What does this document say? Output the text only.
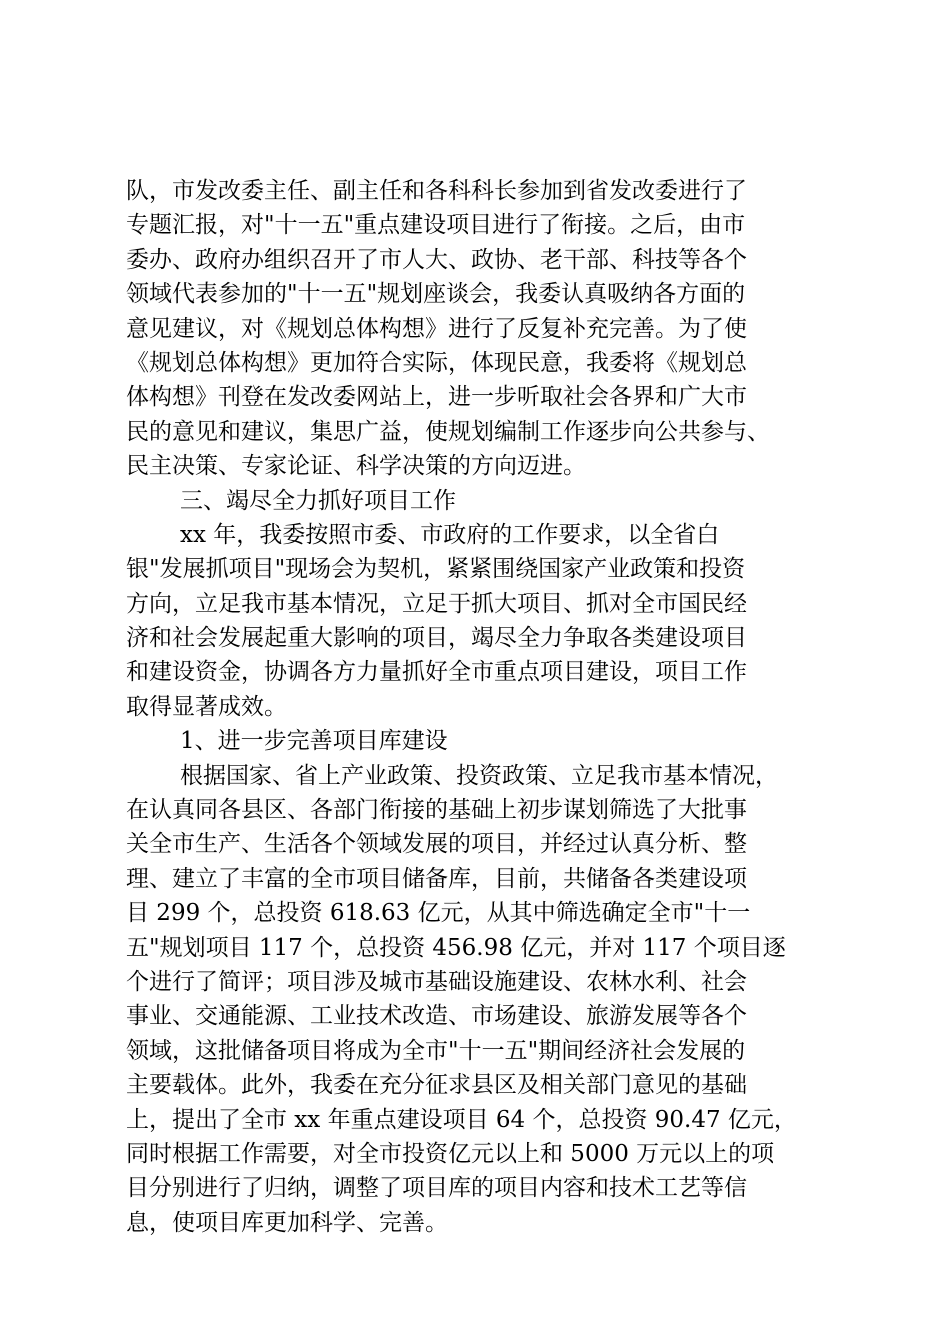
队，市发改委主任、副主任和各科科长参加到省发改委进行了
专题汇报，对"十一五"重点建设项目进行了衔接。之后，由市
委办、政府办组织召开了市人大、政协、老干部、科技等各个
领域代表参加的"十一五"规划座谈会，我委认真吸纳各方面的
意见建议，对《规划总体构想》进行了反复补充完善。为了使
《规划总体构想》更加符合实际，体现民意，我委将《规划总
体构想》刊登在发改委网站上，进一步听取社会各界和广大市
民的意见和建议，集思广益，使规划编制工作逐步向公共参与、
民主决策、专家论证、科学决策的方向迈进。
三、竭尽全力抓好项目工作
xx 年，我委按照市委、市政府的工作要求，以全省白
银"发展抓项目"现场会为契机，紧紧围绕国家产业政策和投资
方向，立足我市基本情况，立足于抓大项目、抓对全市国民经
济和社会发展起重大影响的项目，竭尽全力争取各类建设项目
和建设资金，协调各方力量抓好全市重点项目建设，项目工作
取得显著成效。
1、进一步完善项目库建设
根据国家、省上产业政策、投资政策、立足我市基本情况，
在认真同各县区、各部门衔接的基础上初步谋划筛选了大批事
关全市生产、生活各个领域发展的项目，并经过认真分析、整
理、建立了丰富的全市项目储备库，目前，共储备各类建设项
目 299 个，总投资 618.63 亿元，从其中筛选确定全市"十一
五"规划项目 117 个，总投资 456.98 亿元，并对 117 个项目逐
个进行了简评；项目涉及城市基础设施建设、农林水利、社会
事业、交通能源、工业技术改造、市场建设、旅游发展等各个
领域，这批储备项目将成为全市"十一五"期间经济社会发展的
主要载体。此外，我委在充分征求县区及相关部门意见的基础
上，提出了全市 xx 年重点建设项目 64 个，总投资 90.47 亿元，
同时根据工作需要，对全市投资亿元以上和 5000 万元以上的项
目分别进行了归纳，调整了项目库的项目内容和技术工艺等信
息，使项目库更加科学、完善。
